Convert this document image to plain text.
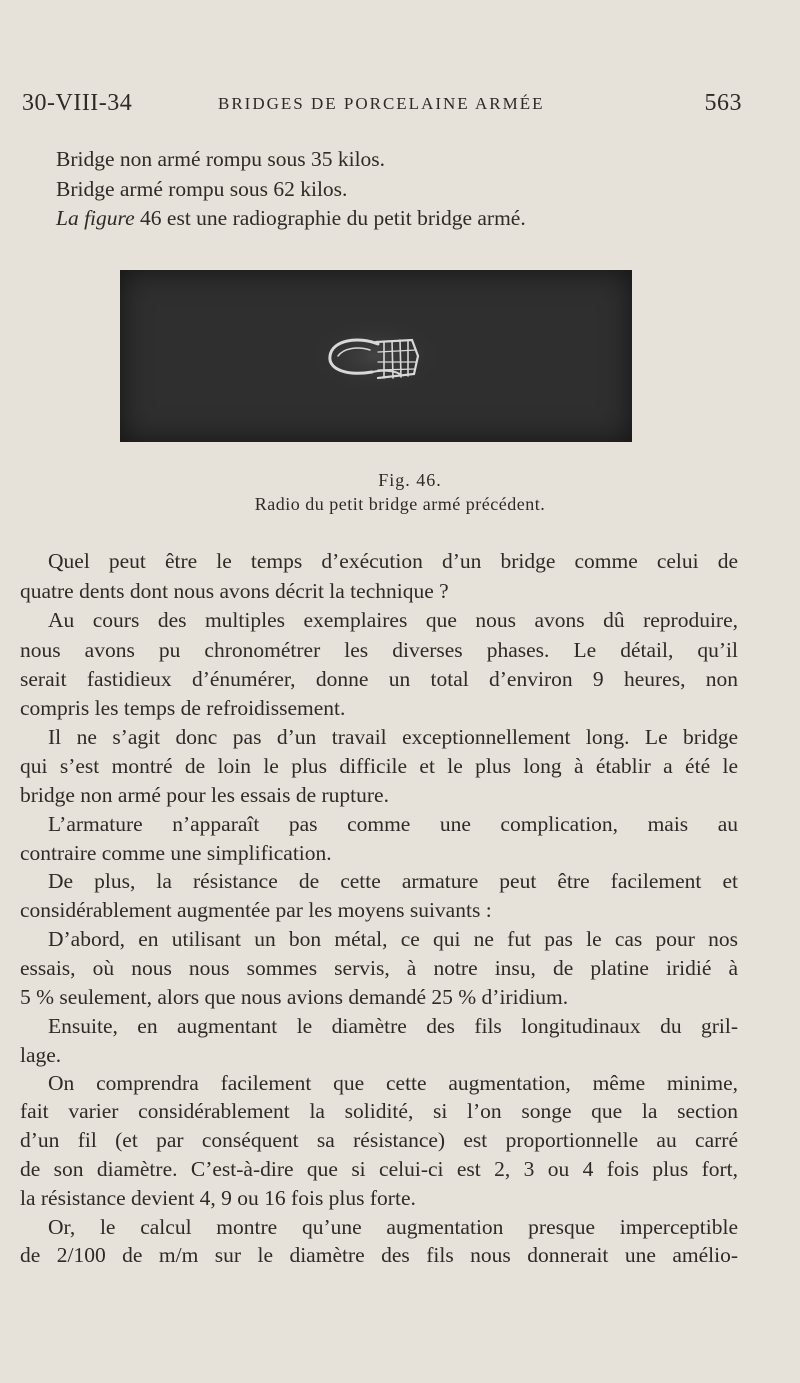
30-VIII-34	BRIDGES DE PORCELAINE ARMÉE	563
Bridge non armé rompu sous 35 kilos.
Bridge armé rompu sous 62 kilos.
La figure 46 est une radiographie du petit bridge armé.
Fig. 46.
Radio du petit bridge armé précédent.
Quel peut être le temps d’exécution d’un bridge comme celui de
quatre dents dont nous avons décrit la technique ?
Au cours des multiples exemplaires que nous avons dû reproduire,
nous avons pu chronométrer les diverses phases. Le détail, qu’il
serait fastidieux d’énumérer, donne un total d’environ 9 heures, non
compris les temps de refroidissement.
Il ne s’agit donc pas d’un travail exceptionnellement long. Le bridge
qui s’est montré de loin le plus difficile et le plus long à établir a été le
bridge non armé pour les essais de rupture.
L’armature n’apparaît pas comme une complication, mais au
contraire comme une simplification.
De plus, la résistance de cette armature peut être facilement et
considérablement augmentée par les moyens suivants :
D’abord, en utilisant un bon métal, ce qui ne fut pas le cas pour nos
essais, où nous nous sommes servis, à notre insu, de platine iridié à
5 % seulement, alors que nous avions demandé 25 % d’iridium.
Ensuite, en augmentant le diamètre des fils longitudinaux du gril-
lage.
On comprendra facilement que cette augmentation, même minime,
fait varier considérablement la solidité, si l’on songe que la section
d’un fil (et par conséquent sa résistance) est proportionnelle au carré
de son diamètre. C’est-à-dire que si celui-ci est 2, 3 ou 4 fois plus fort,
la résistance devient 4, 9 ou 16 fois plus forte.
Or, le calcul montre qu’une augmentation presque imperceptible
de 2/100 de m/m sur le diamètre des fils nous donnerait une amélio-
